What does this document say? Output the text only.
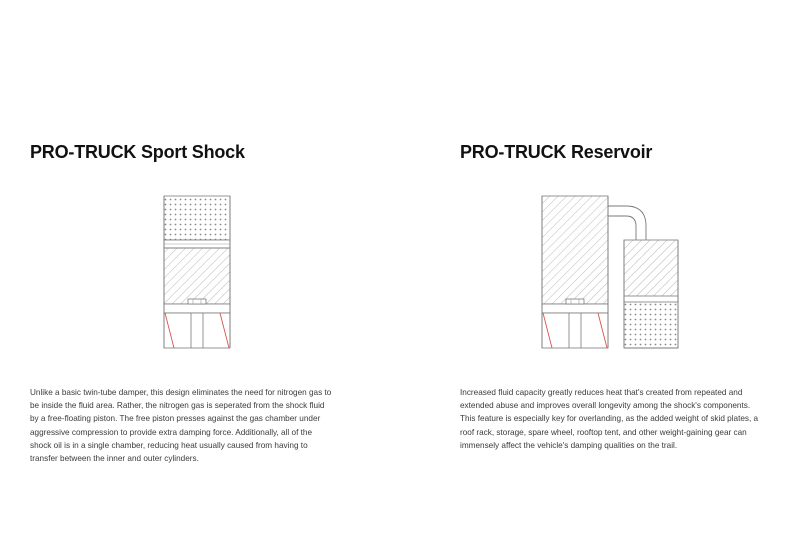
PRO-TRUCK Sport Shock

Unlike a basic twin-tube damper, this design eliminates the need for nitrogen gas to be inside the fluid area. Rather, the nitrogen gas is seperated from the shock fluid by a free-floating piston. The free piston presses against the gas chamber under aggressive compression to provide extra damping force. Additionally, all of the shock oil is in a single chamber, reducing heat usually caused from having to transfer between the inner and outer cylinders.

PRO-TRUCK Reservoir

Increased fluid capacity greatly reduces heat that's created from repeated and extended abuse and improves overall longevity among the shock's components. This feature is especially key for overlanding, as the added weight of skid plates, a roof rack, storage, spare wheel, rooftop tent, and other weight-gaining gear can immensely affect the vehicle's damping qualities on the trail.
